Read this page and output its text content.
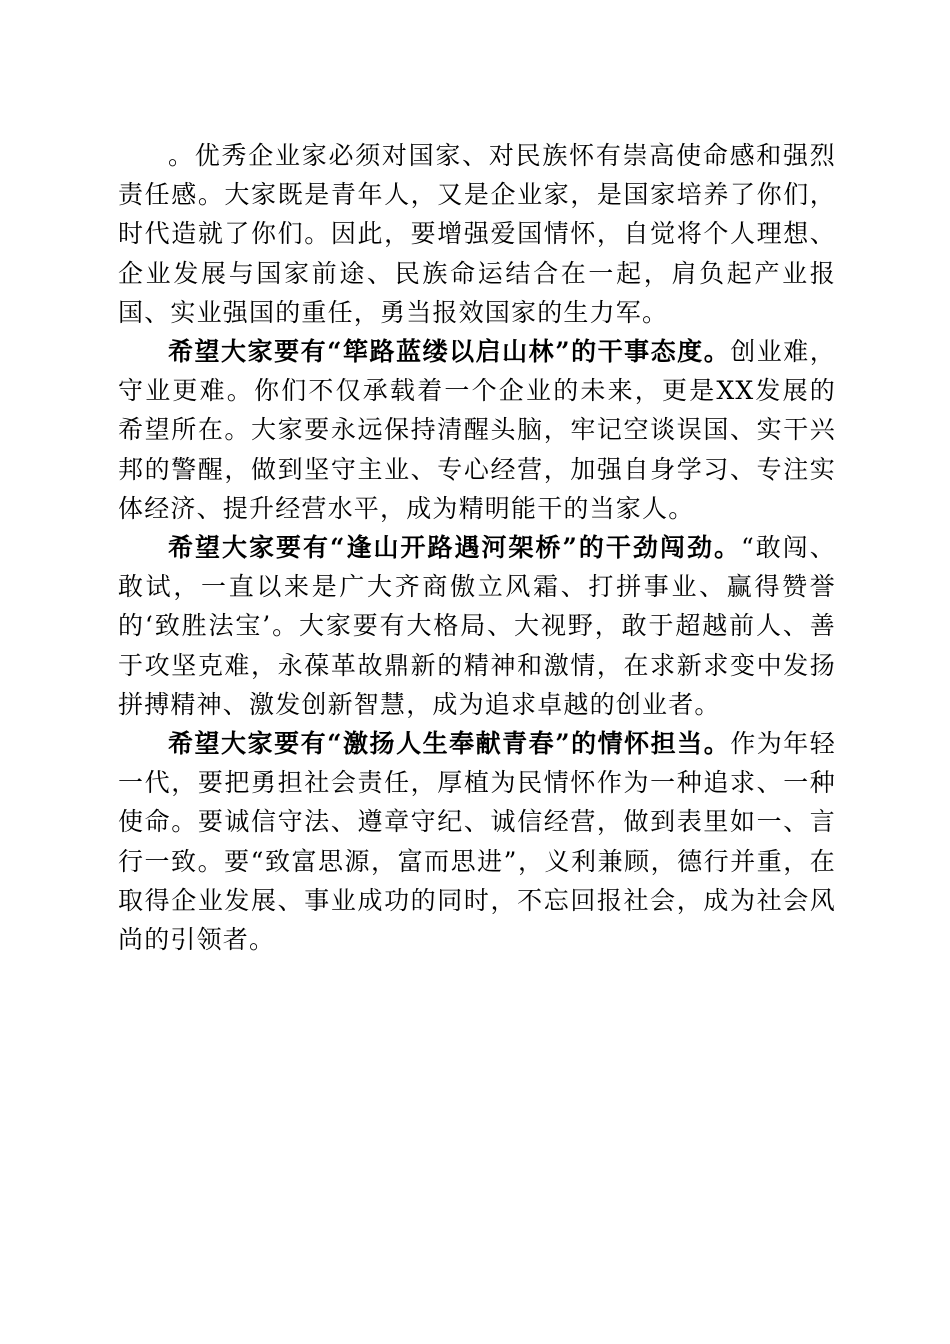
。优秀企业家必须对国家、对民族怀有崇高使命感和强烈责任感。大家既是青年人，又是企业家，是国家培养了你们，时代造就了你们。因此，要增强爱国情怀，自觉将个人理想、企业发展与国家前途、民族命运结合在一起，肩负起产业报国、实业强国的重任，勇当报效国家的生力军。

希望大家要有“筚路蓝缕以启山林”的干事态度。创业难，守业更难。你们不仅承载着一个企业的未来，更是XX发展的希望所在。大家要永远保持清醒头脑，牢记空谈误国、实干兴邦的警醒，做到坚守主业、专心经营，加强自身学习、专注实体经济、提升经营水平，成为精明能干的当家人。

希望大家要有“逢山开路遇河架桥”的干劲闯劲。“敢闯、敢试，一直以来是广大齐商傲立风霜、打拼事业、赢得赞誉的‘致胜法宝’。大家要有大格局、大视野，敢于超越前人、善于攻坚克难，永葆革故鼎新的精神和激情，在求新求变中发扬拼搏精神、激发创新智慧，成为追求卓越的创业者。

希望大家要有“激扬人生奉献青春”的情怀担当。作为年轻一代，要把勇担社会责任，厚植为民情怀作为一种追求、一种使命。要诚信守法、遵章守纪、诚信经营，做到表里如一、言行一致。要“致富思源，富而思进”，义利兼顾，德行并重，在取得企业发展、事业成功的同时，不忘回报社会，成为社会风尚的引领者。
